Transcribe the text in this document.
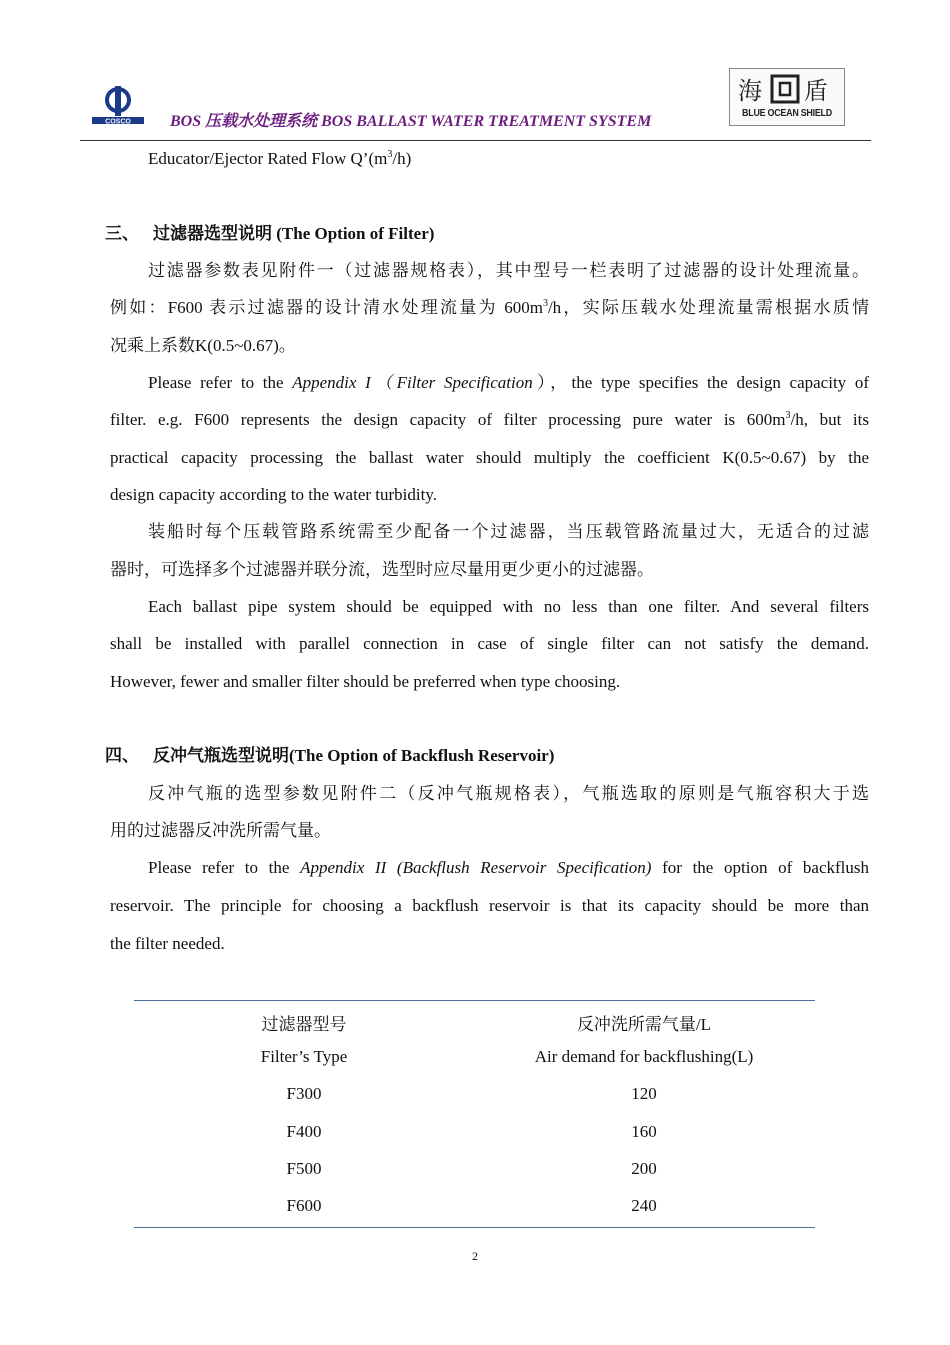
COSCO BOS 压载水处理系统 BOS BALLAST WATER TREATMENT SYSTEM
海 盾
BLUE OCEAN SHIELD
Educator/Ejector Rated Flow $Q’(m^3/h)$
三、 过滤器选型说明 (The Option of Filter)
过滤器参数表见附件一（过滤器规格表），其中型号一栏表明了过滤器的设计处理流量。
例如：F600 表示过滤器的设计清水处理流量为 $600m^3/h$，实际压载水处理流量需根据水质情
况乘上系数K(0.5~0.67)。
Please refer to the Appendix I（Filter Specification），the type specifies the design capacity of
filter. e.g. F600 represents the design capacity of filter processing pure water is $600m^3/h$, but its
practical capacity processing the ballast water should multiply the coefficient K(0.5~0.67) by the
design capacity according to the water turbidity.
装船时每个压载管路系统需至少配备一个过滤器，当压载管路流量过大，无适合的过滤
器时，可选择多个过滤器并联分流，选型时应尽量用更少更小的过滤器。
Each ballast pipe system should be equipped with no less than one filter. And several filters
shall be installed with parallel connection in case of single filter can not satisfy the demand.
However, fewer and smaller filter should be preferred when type choosing.
四、 反冲气瓶选型说明(The Option of Backflush Reservoir)
反冲气瓶的选型参数见附件二（反冲气瓶规格表），气瓶选取的原则是气瓶容积大于选
用的过滤器反冲洗所需气量。
Please refer to the Appendix II (Backflush Reservoir Specification) for the option of backflush
reservoir. The principle for choosing a backflush reservoir is that its capacity should be more than
the filter needed.
过滤器型号	反冲洗所需气量/L
Filter’s Type	Air demand for backflushing(L)
F300	120
F400	160
F500	200
F600	240
2
